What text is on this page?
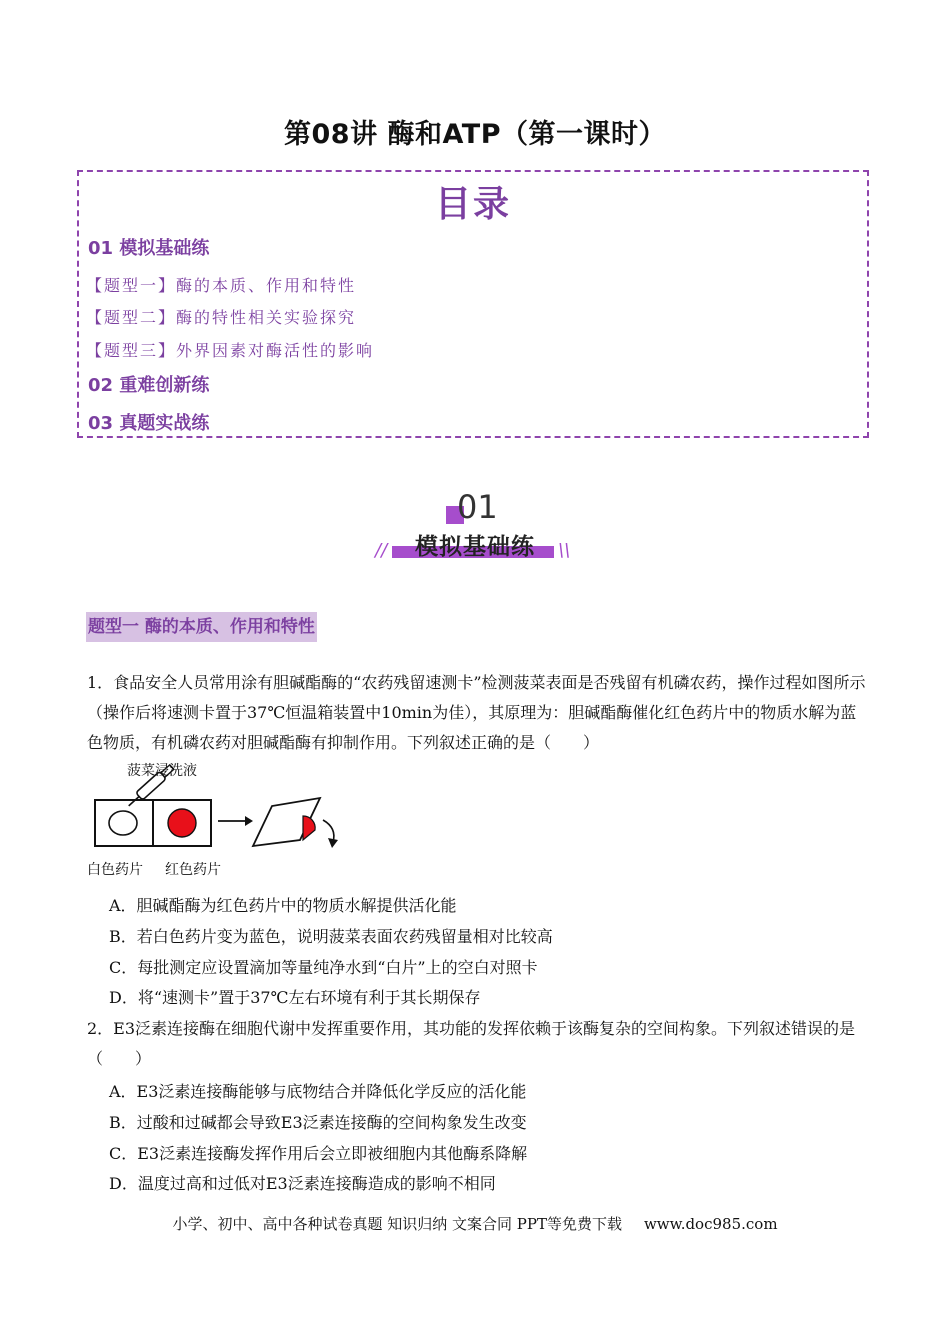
第08讲 酶和ATP（第一课时）
目录
01 模拟基础练
【题型一】酶的本质、作用和特性
【题型二】酶的特性相关实验探究
【题型三】外界因素对酶活性的影响
02 重难创新练
03 真题实战练
01
模拟基础练
//	\\
题型一 酶的本质、作用和特性
1．食品安全人员常用涂有胆碱酯酶的“农药残留速测卡”检测菠菜表面是否残留有机磷农药，操作过程如图所示（操作后将速测卡置于37℃恒温箱装置中10min为佳），其原理为：胆碱酯酶催化红色药片中的物质水解为蓝色物质，有机磷农药对胆碱酯酶有抑制作用。下列叙述正确的是（　　）
菠菜浸洗液
白色药片 红色药片
A．胆碱酯酶为红色药片中的物质水解提供活化能
B．若白色药片变为蓝色，说明菠菜表面农药残留量相对比较高
C．每批测定应设置滴加等量纯净水到“白片”上的空白对照卡
D．将“速测卡”置于37℃左右环境有利于其长期保存
2．E3泛素连接酶在细胞代谢中发挥重要作用，其功能的发挥依赖于该酶复杂的空间构象。下列叙述错误的是（　　）
A．E3泛素连接酶能够与底物结合并降低化学反应的活化能
B．过酸和过碱都会导致E3泛素连接酶的空间构象发生改变
C．E3泛素连接酶发挥作用后会立即被细胞内其他酶系降解
D．温度过高和过低对E3泛素连接酶造成的影响不相同
小学、初中、高中各种试卷真题 知识归纳 文案合同 PPT等免费下载 www.doc985.com
